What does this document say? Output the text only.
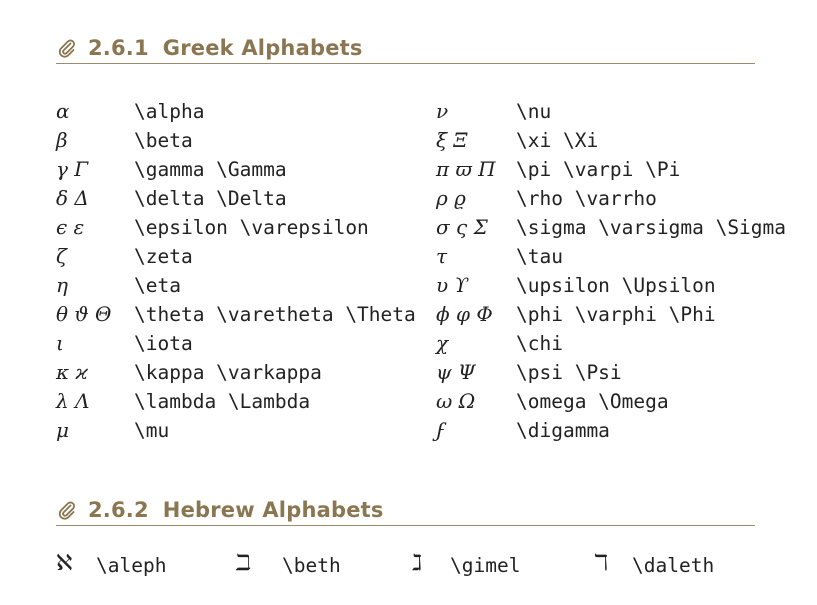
2.6.1 Greek Alphabets
α	\alpha
β	\beta
γ Γ \gamma \Gamma
δ Δ \delta \Delta
ϵ ε	\epsilon \varepsilon
ζ	\zeta
η	\eta
θ ϑ Θ \theta \varetheta \Theta
ι	\iota
κ ϰ \kappa \varkappa
λ Λ \lambda \Lambda
μ	\mu
ν	\nu
ξ Ξ \xi \Xi
π ϖ Π \pi \varpi \Pi
ρ ϱ	\rho \varrho
σ ς Σ \sigma \varsigma \Sigma
τ	\tau
υ ϒ \upsilon \Upsilon
ϕ φ Φ \phi \varphi \Phi
χ	\chi
ψ Ψ \psi \Psi
ω Ω \omega \Omega
ϝ	\digamma
2.6.2 Hebrew Alphabets
ℵ \aleph	ℶ \beth	ℷ \gimel	ℸ \daleth
